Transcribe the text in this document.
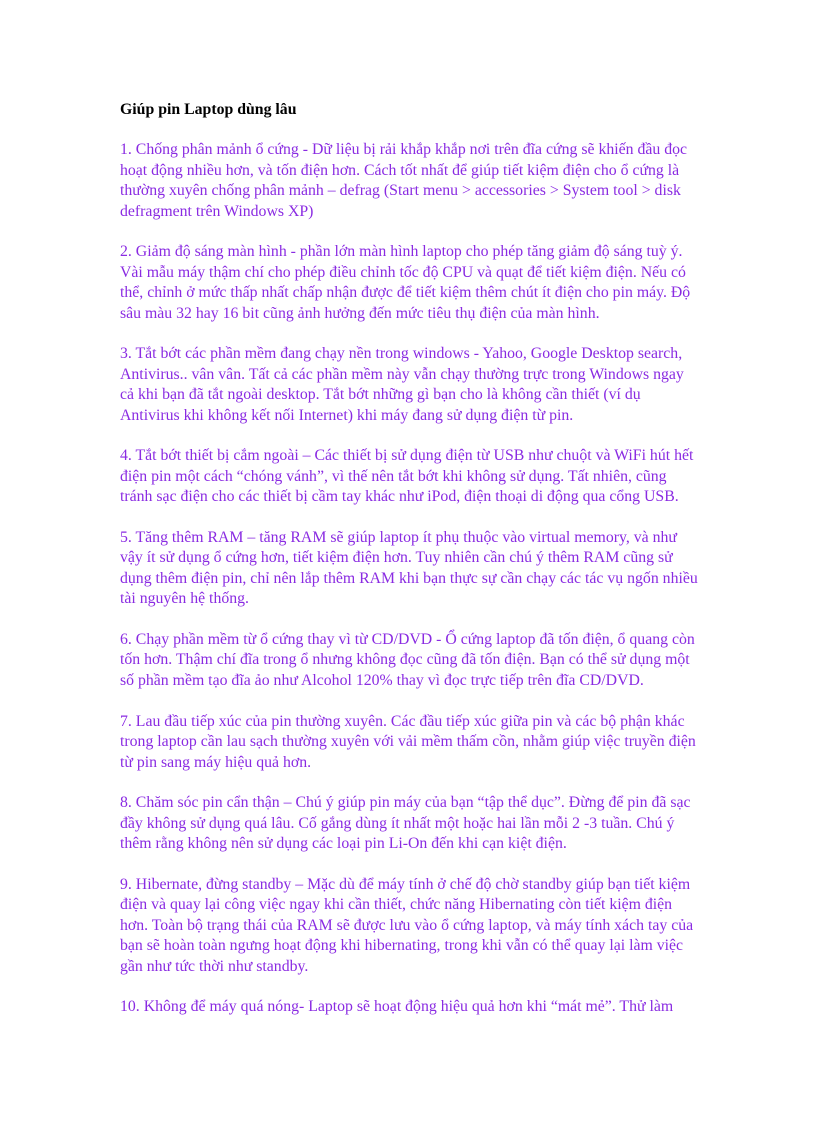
Giúp pin Laptop dùng lâu

1. Chống phân mảnh ổ cứng - Dữ liệu bị rải khắp khắp nơi trên đĩa cứng sẽ khiến đầu đọc hoạt động nhiều hơn, và tốn điện hơn. Cách tốt nhất để giúp tiết kiệm điện cho ổ cứng là thường xuyên chống phân mảnh – defrag (Start menu > accessories > System tool > disk defragment trên Windows XP)

2. Giảm độ sáng màn hình - phần lớn màn hình laptop cho phép tăng giảm độ sáng tuỳ ý. Vài mẫu máy thậm chí cho phép điều chỉnh tốc độ CPU và quạt để tiết kiệm điện. Nếu có thể, chỉnh ở mức thấp nhất chấp nhận được để tiết kiệm thêm chút ít điện cho pin máy. Độ sâu màu 32 hay 16 bit cũng ảnh hưởng đến mức tiêu thụ điện của màn hình.

3. Tắt bớt các phần mềm đang chạy nền trong windows - Yahoo, Google Desktop search, Antivirus.. vân vân. Tất cả các phần mềm này vẫn chạy thường trực trong Windows ngay cả khi bạn đã tắt ngoài desktop. Tắt bớt những gì bạn cho là không cần thiết (ví dụ Antivirus khi không kết nối Internet) khi máy đang sử dụng điện từ pin.

4. Tắt bớt thiết bị cắm ngoài – Các thiết bị sử dụng điện từ USB như chuột và WiFi hút hết điện pin một cách “chóng vánh”, vì thế nên tắt bớt khi không sử dụng. Tất nhiên, cũng tránh sạc điện cho các thiết bị cầm tay khác như iPod, điện thoại di động qua cổng USB.

5. Tăng thêm RAM – tăng RAM sẽ giúp laptop ít phụ thuộc vào virtual memory, và như vậy ít sử dụng ổ cứng hơn, tiết kiệm điện hơn. Tuy nhiên cần chú ý thêm RAM cũng sử dụng thêm điện pin, chỉ nên lắp thêm RAM khi bạn thực sự cần chạy các tác vụ ngốn nhiều tài nguyên hệ thống.

6. Chạy phần mềm từ ổ cứng thay vì từ CD/DVD - Ổ cứng laptop đã tốn điện, ổ quang còn tốn hơn. Thậm chí đĩa trong ổ nhưng không đọc cũng đã tốn điện. Bạn có thể sử dụng một số phần mềm tạo đĩa ảo như Alcohol 120% thay vì đọc trực tiếp trên đĩa CD/DVD.

7. Lau đầu tiếp xúc của pin thường xuyên. Các đầu tiếp xúc giữa pin và các bộ phận khác trong laptop cần lau sạch thường xuyên với vải mềm thấm cồn, nhằm giúp việc truyền điện từ pin sang máy hiệu quả hơn.

8. Chăm sóc pin cẩn thận – Chú ý giúp pin máy của bạn “tập thể dục”. Đừng để pin đã sạc đầy không sử dụng quá lâu. Cố gắng dùng ít nhất một hoặc hai lần mỗi 2 -3 tuần. Chú ý thêm rằng không nên sử dụng các loại pin Li-On đến khi cạn kiệt điện.

9. Hibernate, đừng standby – Mặc dù để máy tính ở chế độ chờ standby giúp bạn tiết kiệm điện và quay lại công việc ngay khi cần thiết, chức năng Hibernating còn tiết kiệm điện hơn. Toàn bộ trạng thái của RAM sẽ được lưu vào ổ cứng laptop, và máy tính xách tay của bạn sẽ hoàn toàn ngưng hoạt động khi hibernating, trong khi vẫn có thể quay lại làm việc gần như tức thời như standby.

10. Không để máy quá nóng- Laptop sẽ hoạt động hiệu quả hơn khi “mát mẻ”. Thử làm
